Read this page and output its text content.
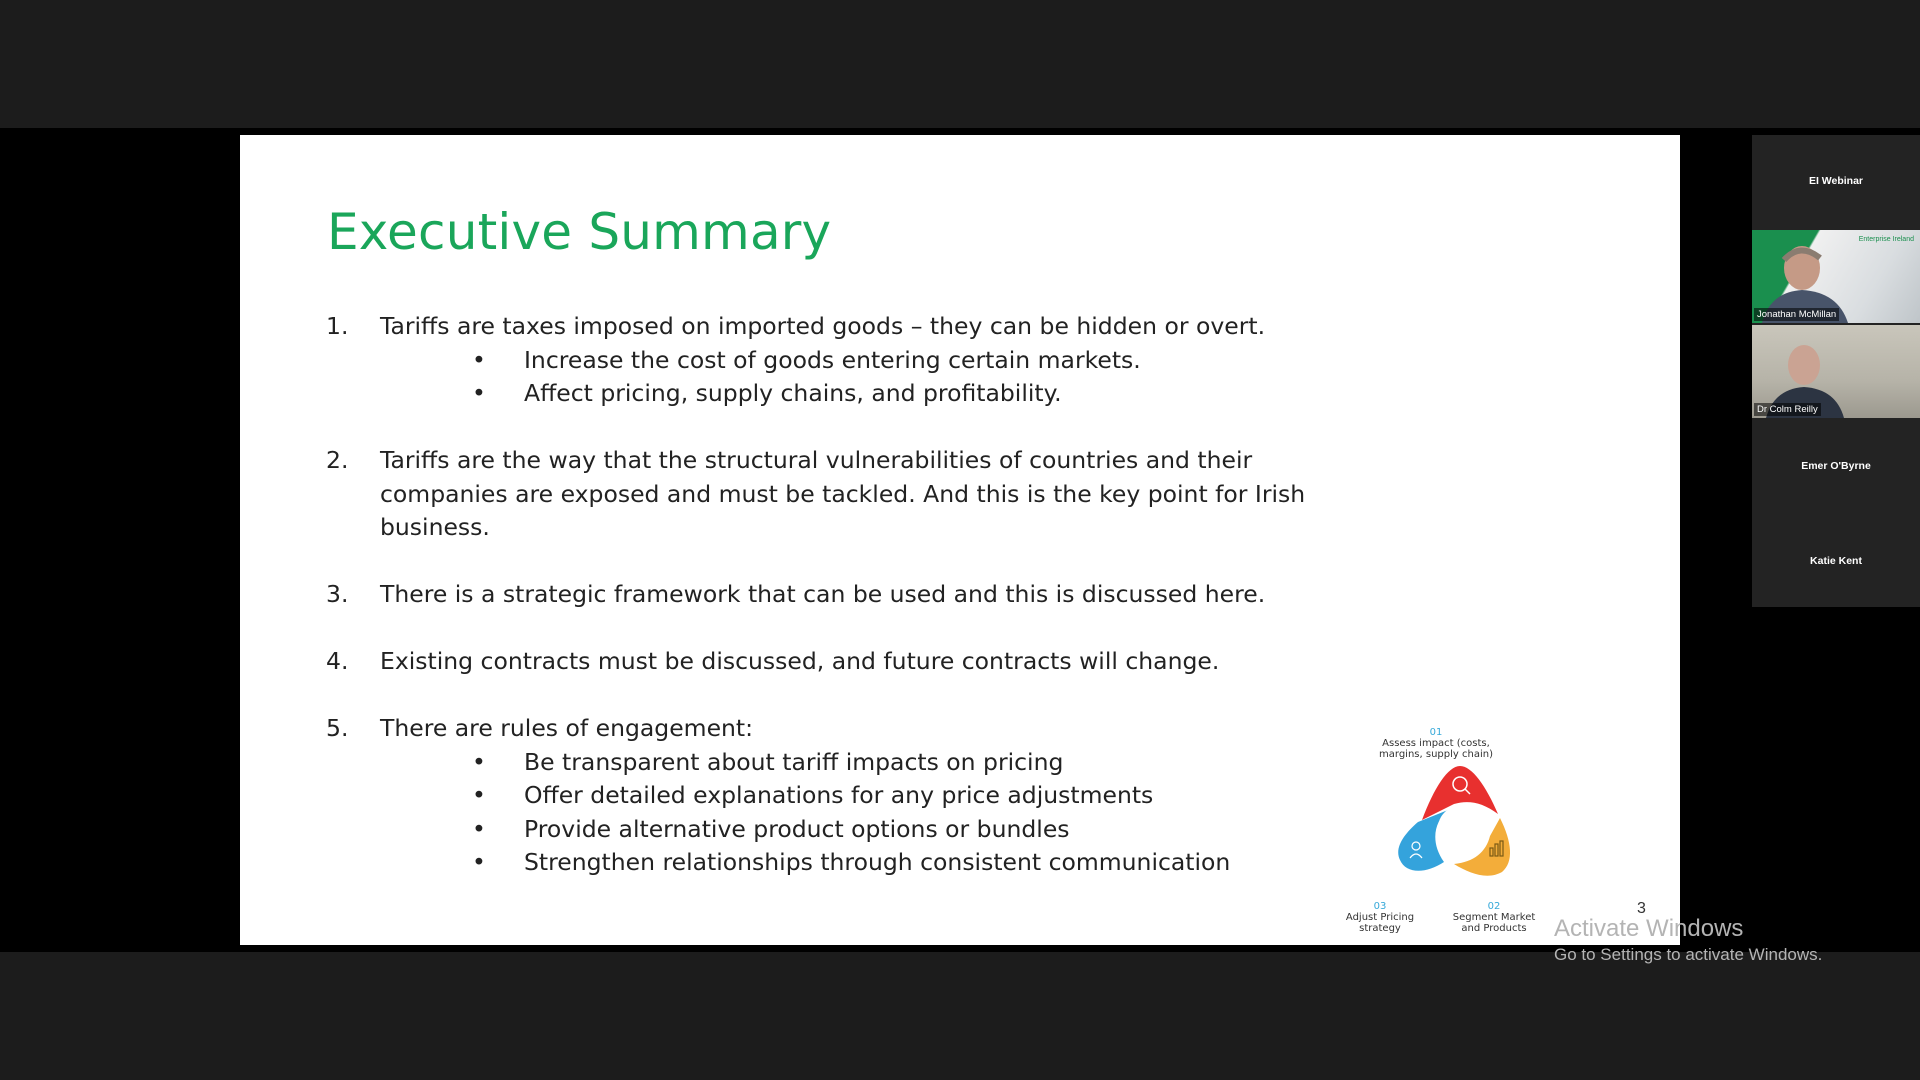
Executive Summary
1. Tariffs are taxes imposed on imported goods – they can be hidden or overt.
• Increase the cost of goods entering certain markets.
• Affect pricing, supply chains, and profitability.
2. Tariffs are the way that the structural vulnerabilities of countries and their companies are exposed and must be tackled. And this is the key point for Irish business.
3. There is a strategic framework that can be used and this is discussed here.
4. Existing contracts must be discussed, and future contracts will change.
5. There are rules of engagement:
• Be transparent about tariff impacts on pricing
• Offer detailed explanations for any price adjustments
• Provide alternative product options or bundles
• Strengthen relationships through consistent communication
01
Assess impact (costs,
margins, supply chain)
03
Adjust Pricing
strategy
02
Segment Market
and Products
3
EI Webinar
Enterprise Ireland
Jonathan McMillan
Dr Colm Reilly
Emer O'Byrne
Katie Kent
Activate Windows
Go to Settings to activate Windows.
